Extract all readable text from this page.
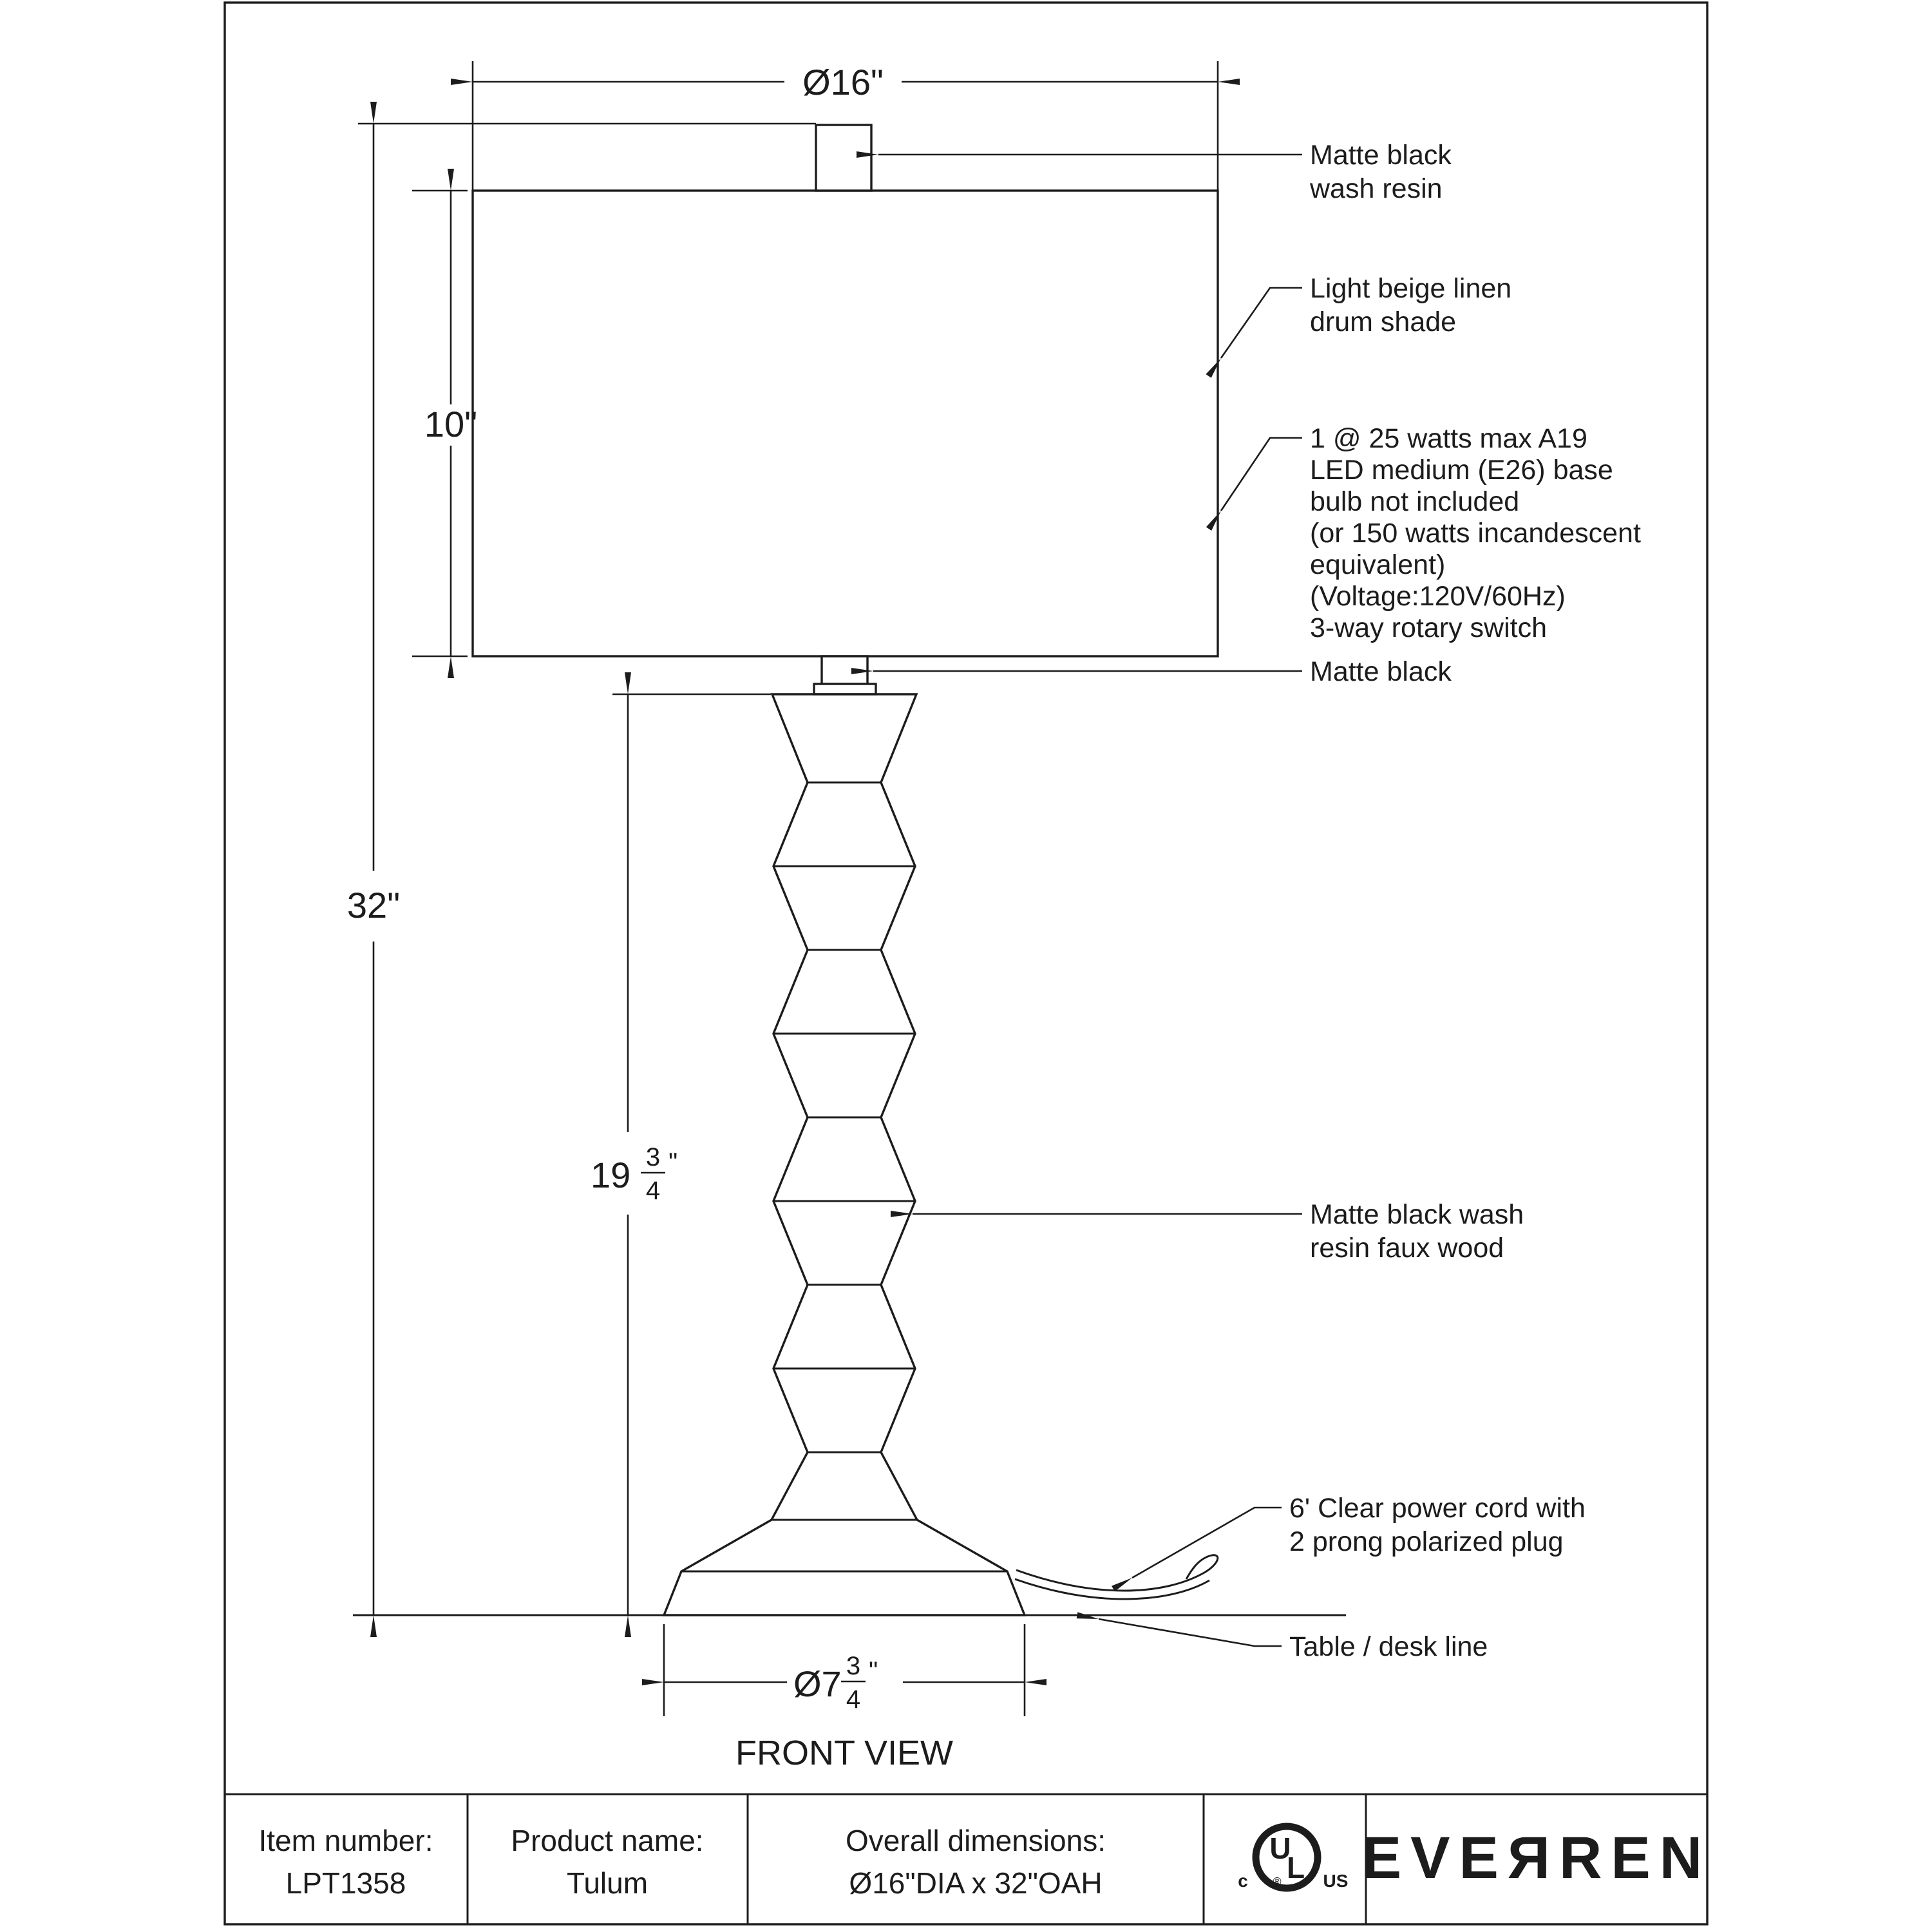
Ø16"
10"
32"
19 3
4
"
Ø7 3
4
"
FRONT VIEW
Matte black
wash resin
Light beige linen
drum shade
1 @ 25 watts max A19
LED medium (E26) base
bulb not included
(or 150 watts incandescent
equivalent)
(Voltage:120V/60Hz)
3-way rotary switch
Matte black
Matte black wash
resin faux wood
6' Clear power cord with
2 prong polarized plug
Table / desk line
Item number:
LPT1358
Product name:
Tulum
Overall dimensions:
Ø16"DIA x 32"OAH
U
L
c	US
® EVEЯREN
